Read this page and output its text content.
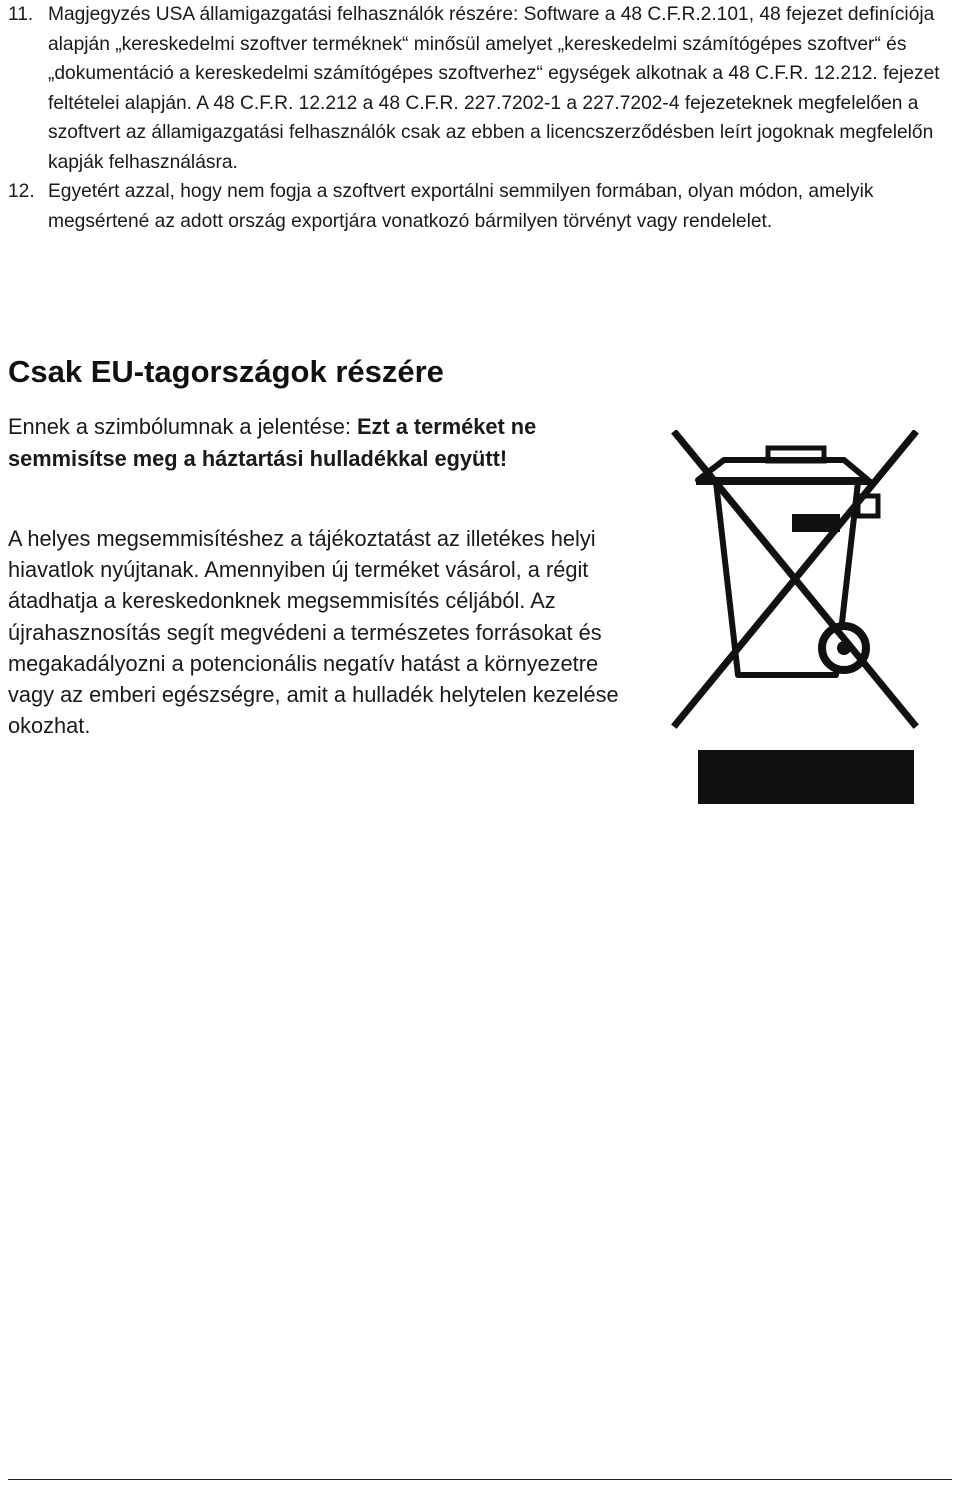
11. Magjegyzés USA államigazgatási felhasználók részére: Software a 48 C.F.R.2.101, 48 fejezet definíciója alapján „kereskedelmi szoftver terméknek“ minősül amelyet „kereskedelmi számítógépes szoftver“ és „dokumentáció a kereskedelmi számítógépes szoftverhez“ egységek alkotnak a 48 C.F.R. 12.212. fejezet feltételei alapján. A 48 C.F.R. 12.212 a 48 C.F.R. 227.7202-1 a 227.7202-4 fejezeteknek megfelelően a szoftvert az államigazgatási felhasználók csak az ebben a licencszerződésben leírt jogoknak megfelelőn kapják felhasználásra.
12. Egyetért azzal, hogy nem fogja a szoftvert exportálni semmilyen formában, olyan módon, amelyik megsértené az adott ország exportjára vonatkozó bármilyen törvényt vagy rendelelet.
Csak EU-tagországok részére

Ennek a szimbólumnak a jelentése: Ezt a terméket ne semmisítse meg a háztartási hulladékkal együtt!

A helyes megsemmisítéshez a tájékoztatást az illetékes helyi hiavatlok nyújtanak. Amennyiben új terméket vásárol, a régit átadhatja a kereskedonknek megsemmisítés céljából. Az újrahasznosítás segít megvédeni a természetes forrásokat és megakadályozni a potencionális negatív hatást a környezetre vagy az emberi egészségre, amit a hulladék helytelen kezelése okozhat.
